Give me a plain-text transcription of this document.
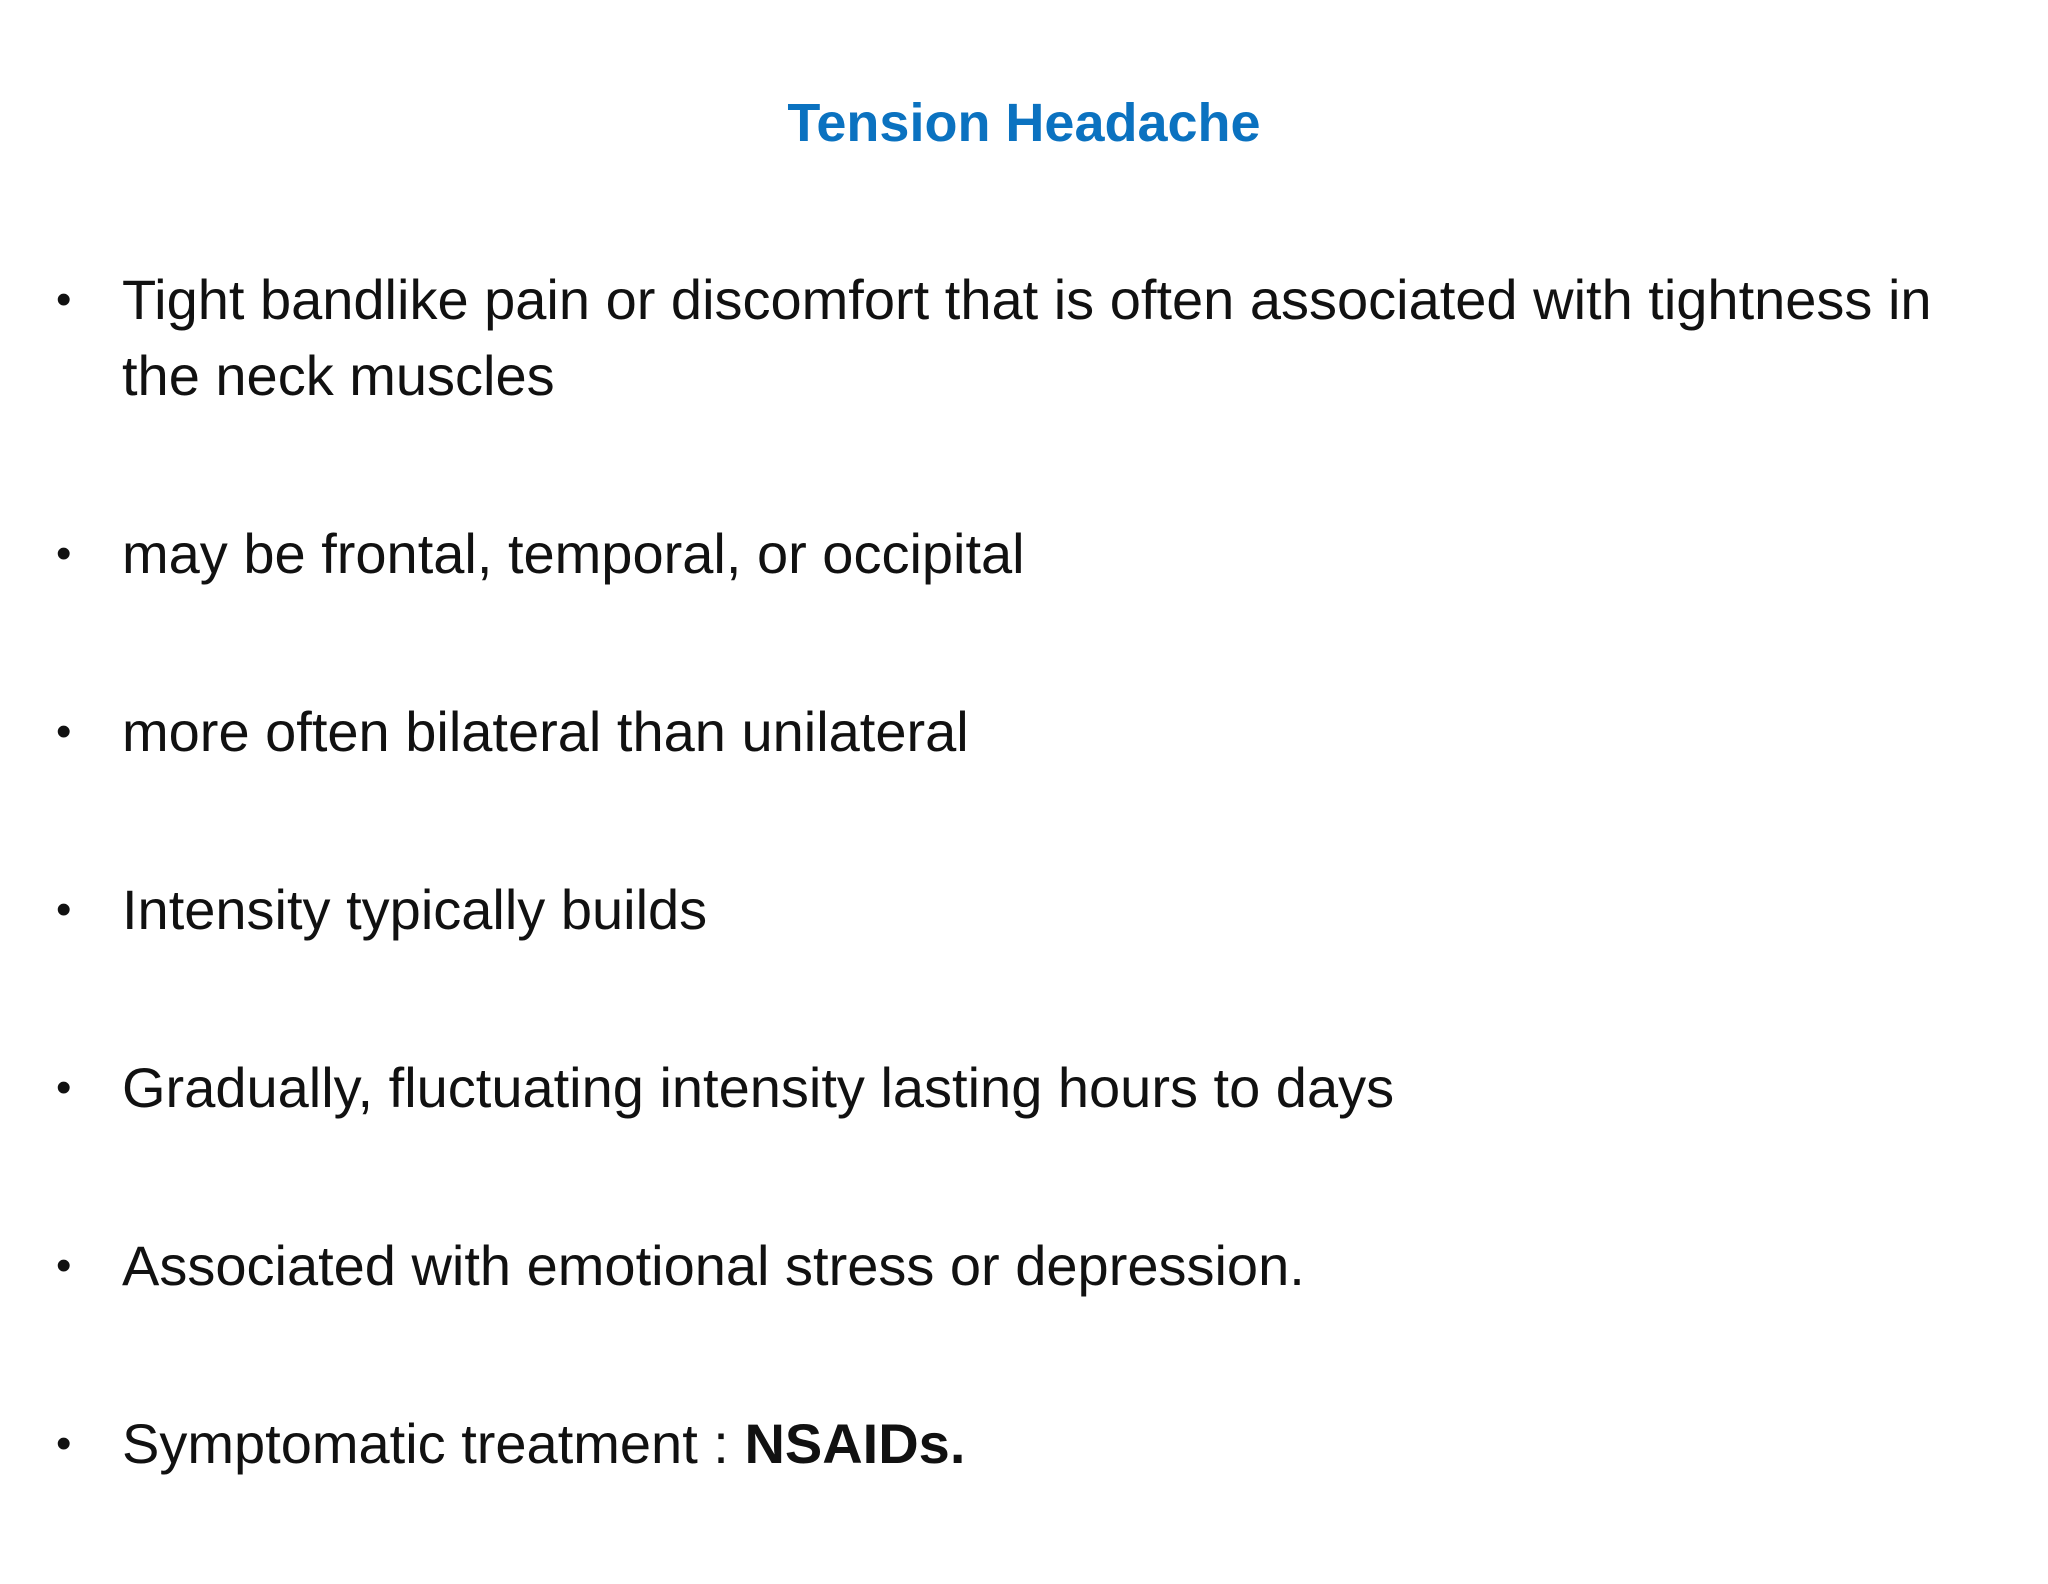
Tension Headache
• Tight bandlike pain or discomfort that is often associated with tightness in the neck muscles
• may be frontal, temporal, or occipital
• more often bilateral than unilateral
• Intensity typically builds
• Gradually, fluctuating intensity lasting hours to days
• Associated with emotional stress or depression.
• Symptomatic treatment : NSAIDs.
